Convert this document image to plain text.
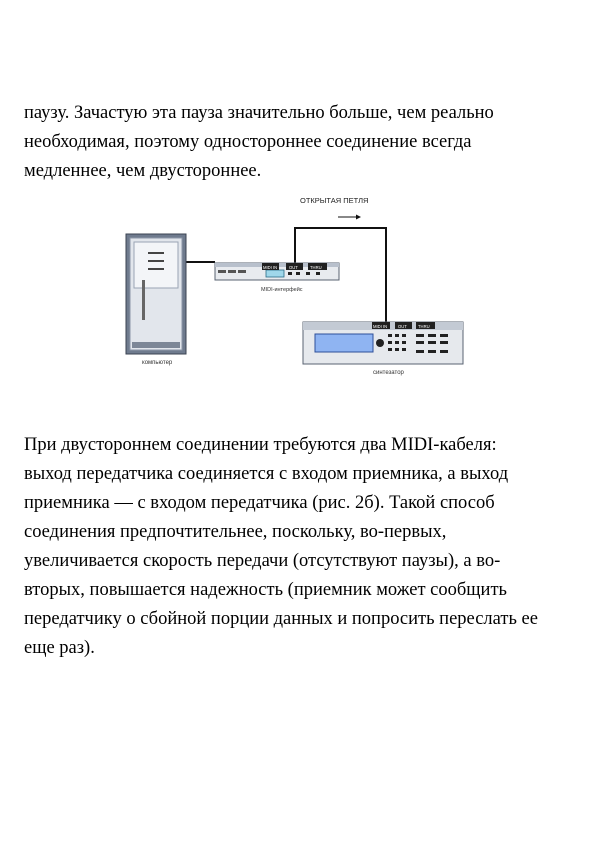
паузу. Зачастую эта пауза значительно больше, чем реально
необходимая, поэтому одностороннее соединение всегда
медленнее, чем двустороннее.

ОТКРЫТАЯ ПЕТЛЯ
компьютер
MIDI IN	OUT	THRU
MIDI-интерфейс
MIDI IN	OUT	THRU
синтезатор

При двустороннем соединении требуются два MIDI-кабеля:
выход передатчика соединяется с входом приемника, а выход
приемника — с входом передатчика (рис. 2б). Такой способ
соединения предпочтительнее, поскольку, во-первых,
увеличивается скорость передачи (отсутствуют паузы), а во-
вторых, повышается надежность (приемник может сообщить
передатчику о сбойной порции данных и попросить переслать ее
еще раз).
